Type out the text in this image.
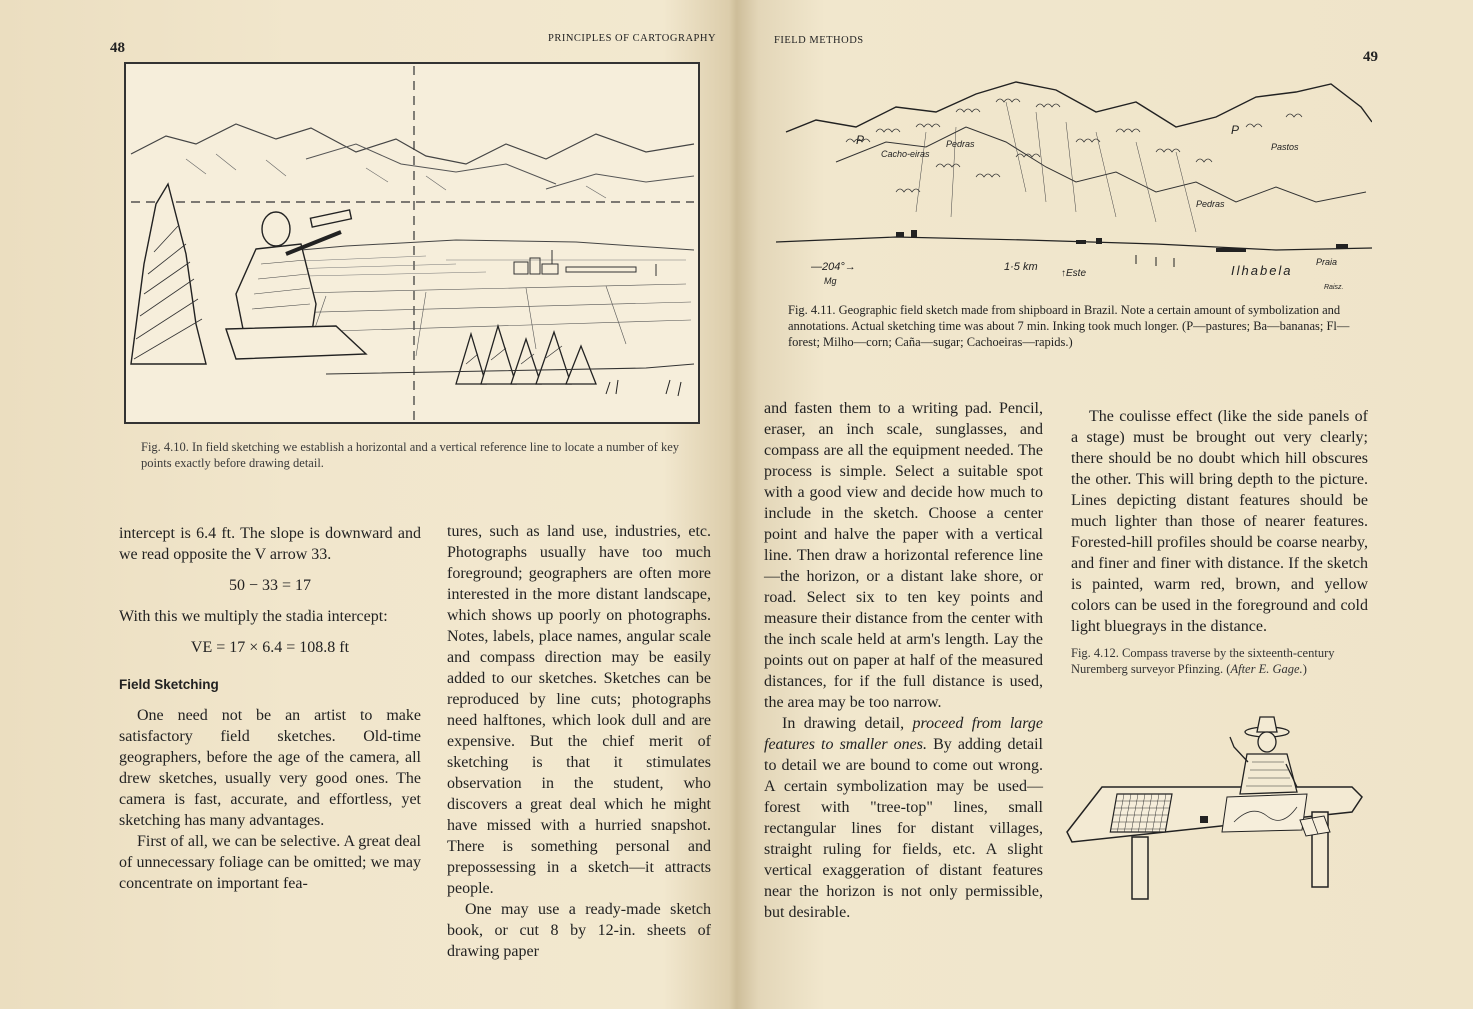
48
PRINCIPLES OF CARTOGRAPHY
Fig. 4.10. In field sketching we establish a horizontal and a vertical reference line to locate a number of key points exactly before drawing detail.

intercept is 6.4 ft. The slope is downward and we read opposite the V arrow 33.

50 − 33 = 17

With this we multiply the stadia intercept:

VE = 17 × 6.4 = 108.8 ft

Field Sketching

One need not be an artist to make satisfactory field sketches. Old-time geographers, before the age of the camera, all drew sketches, usually very good ones. The camera is fast, accurate, and effortless, yet sketching has many advantages.

First of all, we can be selective. A great deal of unnecessary foliage can be omitted; we may concentrate on important fea-

tures, such as land use, industries, etc. Photographs usually have too much foreground; geographers are often more interested in the more distant landscape, which shows up poorly on photographs. Notes, labels, place names, angular scale and compass direction may be easily added to our sketches. Sketches can be reproduced by line cuts; photographs need halftones, which look dull and are expensive. But the chief merit of sketching is that it stimulates observation in the student, who discovers a great deal which he might have missed with a hurried snapshot. There is something personal and prepossessing in a sketch—it attracts people.

One may use a ready-made sketch book, or cut 8 by 12-in. sheets of drawing paper

FIELD METHODS
49
Cacho-eiras
Pedras	Pastos
Pedras
P
P
—204°→
Mg
1·5 km
↑Este	Ilhabela
Praia
Raisz.
Fig. 4.11. Geographic field sketch made from shipboard in Brazil. Note a certain amount of symbolization and annotations. Actual sketching time was about 7 min. Inking took much longer. (P—pastures; Ba—bananas; Fl—forest; Milho—corn; Caña—sugar; Cachoeiras—rapids.)

and fasten them to a writing pad. Pencil, eraser, an inch scale, sunglasses, and compass are all the equipment needed. The process is simple. Select a suitable spot with a good view and decide how much to include in the sketch. Choose a center point and halve the paper with a vertical line. Then draw a horizontal reference line —the horizon, or a distant lake shore, or road. Select six to ten key points and measure their distance from the center with the inch scale held at arm's length. Lay the points out on paper at half of the measured distances, for if the full distance is used, the area may be too narrow.

In drawing detail, proceed from large features to smaller ones. By adding detail to detail we are bound to come out wrong. A certain symbolization may be used—forest with "tree-top" lines, small rectangular lines for distant villages, straight ruling for fields, etc. A slight vertical exaggeration of distant features near the horizon is not only permissible, but desirable.

The coulisse effect (like the side panels of a stage) must be brought out very clearly; there should be no doubt which hill obscures the other. This will bring depth to the picture. Lines depicting distant features should be much lighter than those of nearer features. Forested-hill profiles should be coarse nearby, and finer and finer with distance. If the sketch is painted, warm red, brown, and yellow colors can be used in the foreground and cold light bluegrays in the distance.

Fig. 4.12. Compass traverse by the sixteenth-century Nuremberg surveyor Pfinzing. (After E. Gage.)
